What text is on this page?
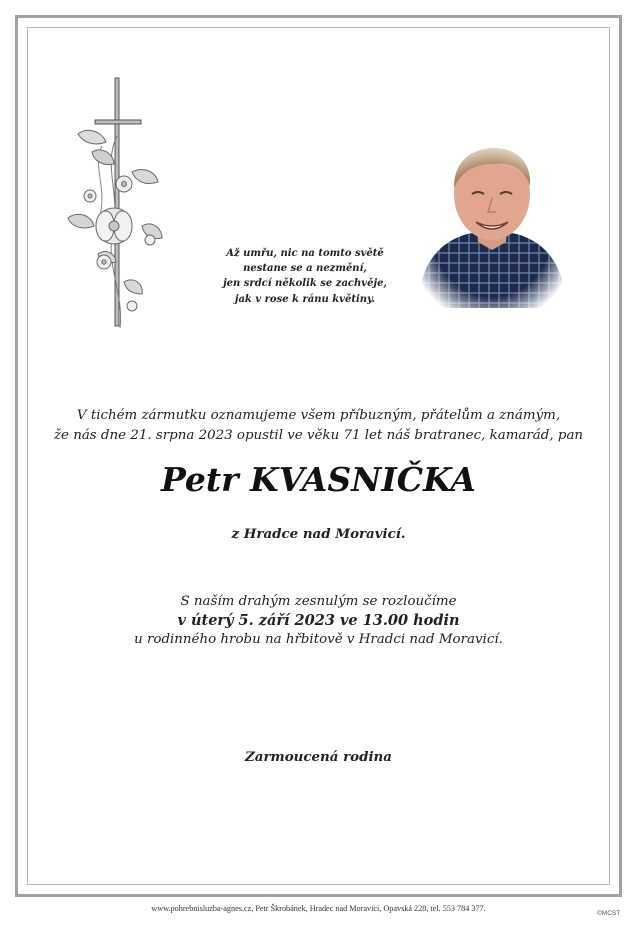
Až umřu, nic na tomto světě
nestane se a nezmění,
jen srdcí několik se zachvěje,
jak v rose k ránu květiny.
V tichém zármutku oznamujeme všem příbuzným, přátelům a známým,
že nás dne 21. srpna 2023 opustil ve věku 71 let náš bratranec, kamarád, pan
Petr KVASNIČKA
z Hradce nad Moravicí.
S naším drahým zesnulým se rozloučíme
v úterý 5. září 2023 ve 13.00 hodin
u rodinného hrobu na hřbitově v Hradci nad Moravicí.
Zarmoucená rodina
www.pohrebnisluzba-agnes.cz, Petr Škrobánek, Hradec nad Moravicí, Opavská 228, tel. 553 784 377.
©MCST
